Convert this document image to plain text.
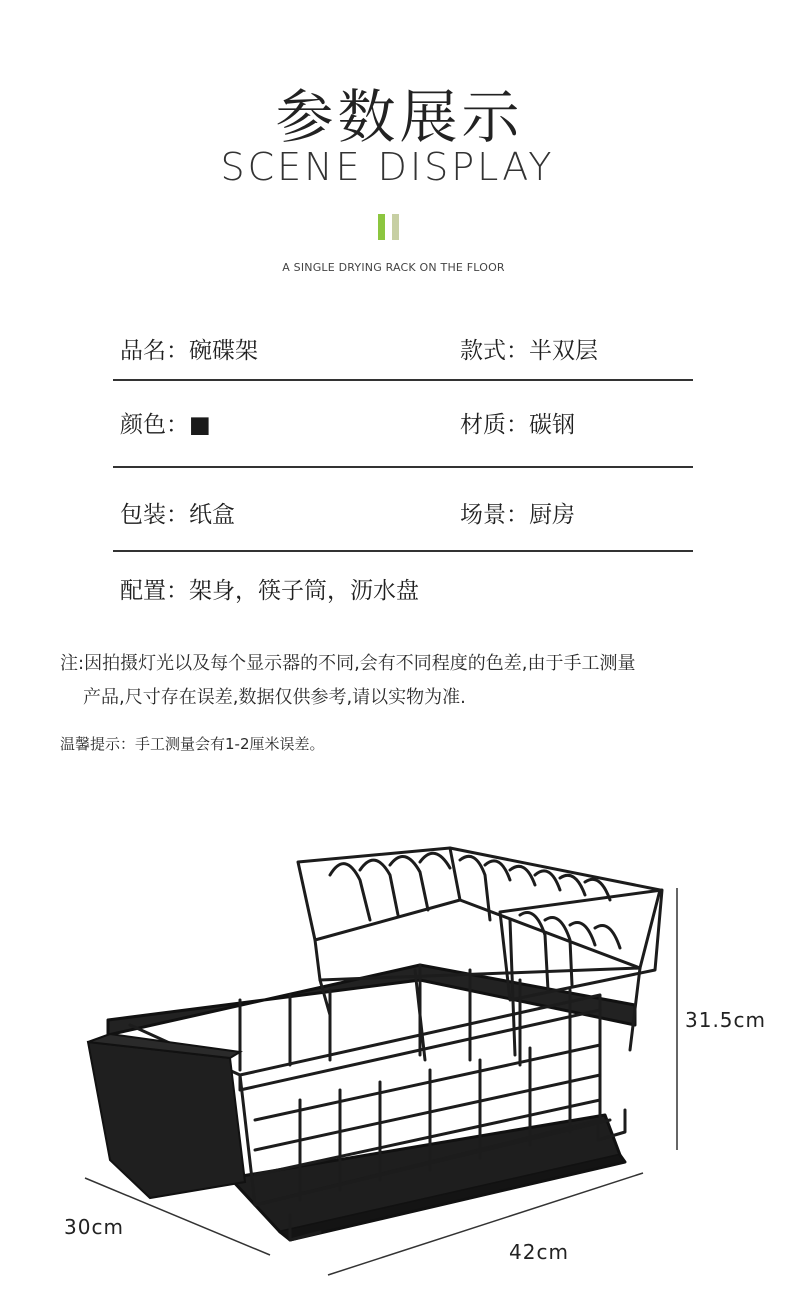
参数展示
SCENE DISPLAY
A SINGLE DRYING RACK ON THE FLOOR
品名：碗碟架	款式：半双层
颜色：■	材质：碳钢
包装：纸盒	场景：厨房
配置：架身，筷子筒，沥水盘
注:因拍摄灯光以及每个显示器的不同,会有不同程度的色差,由于手工测量
产品,尺寸存在误差,数据仅供参考,请以实物为准.
温馨提示：手工测量会有1-2厘米误差。
31.5cm
30cm
42cm
